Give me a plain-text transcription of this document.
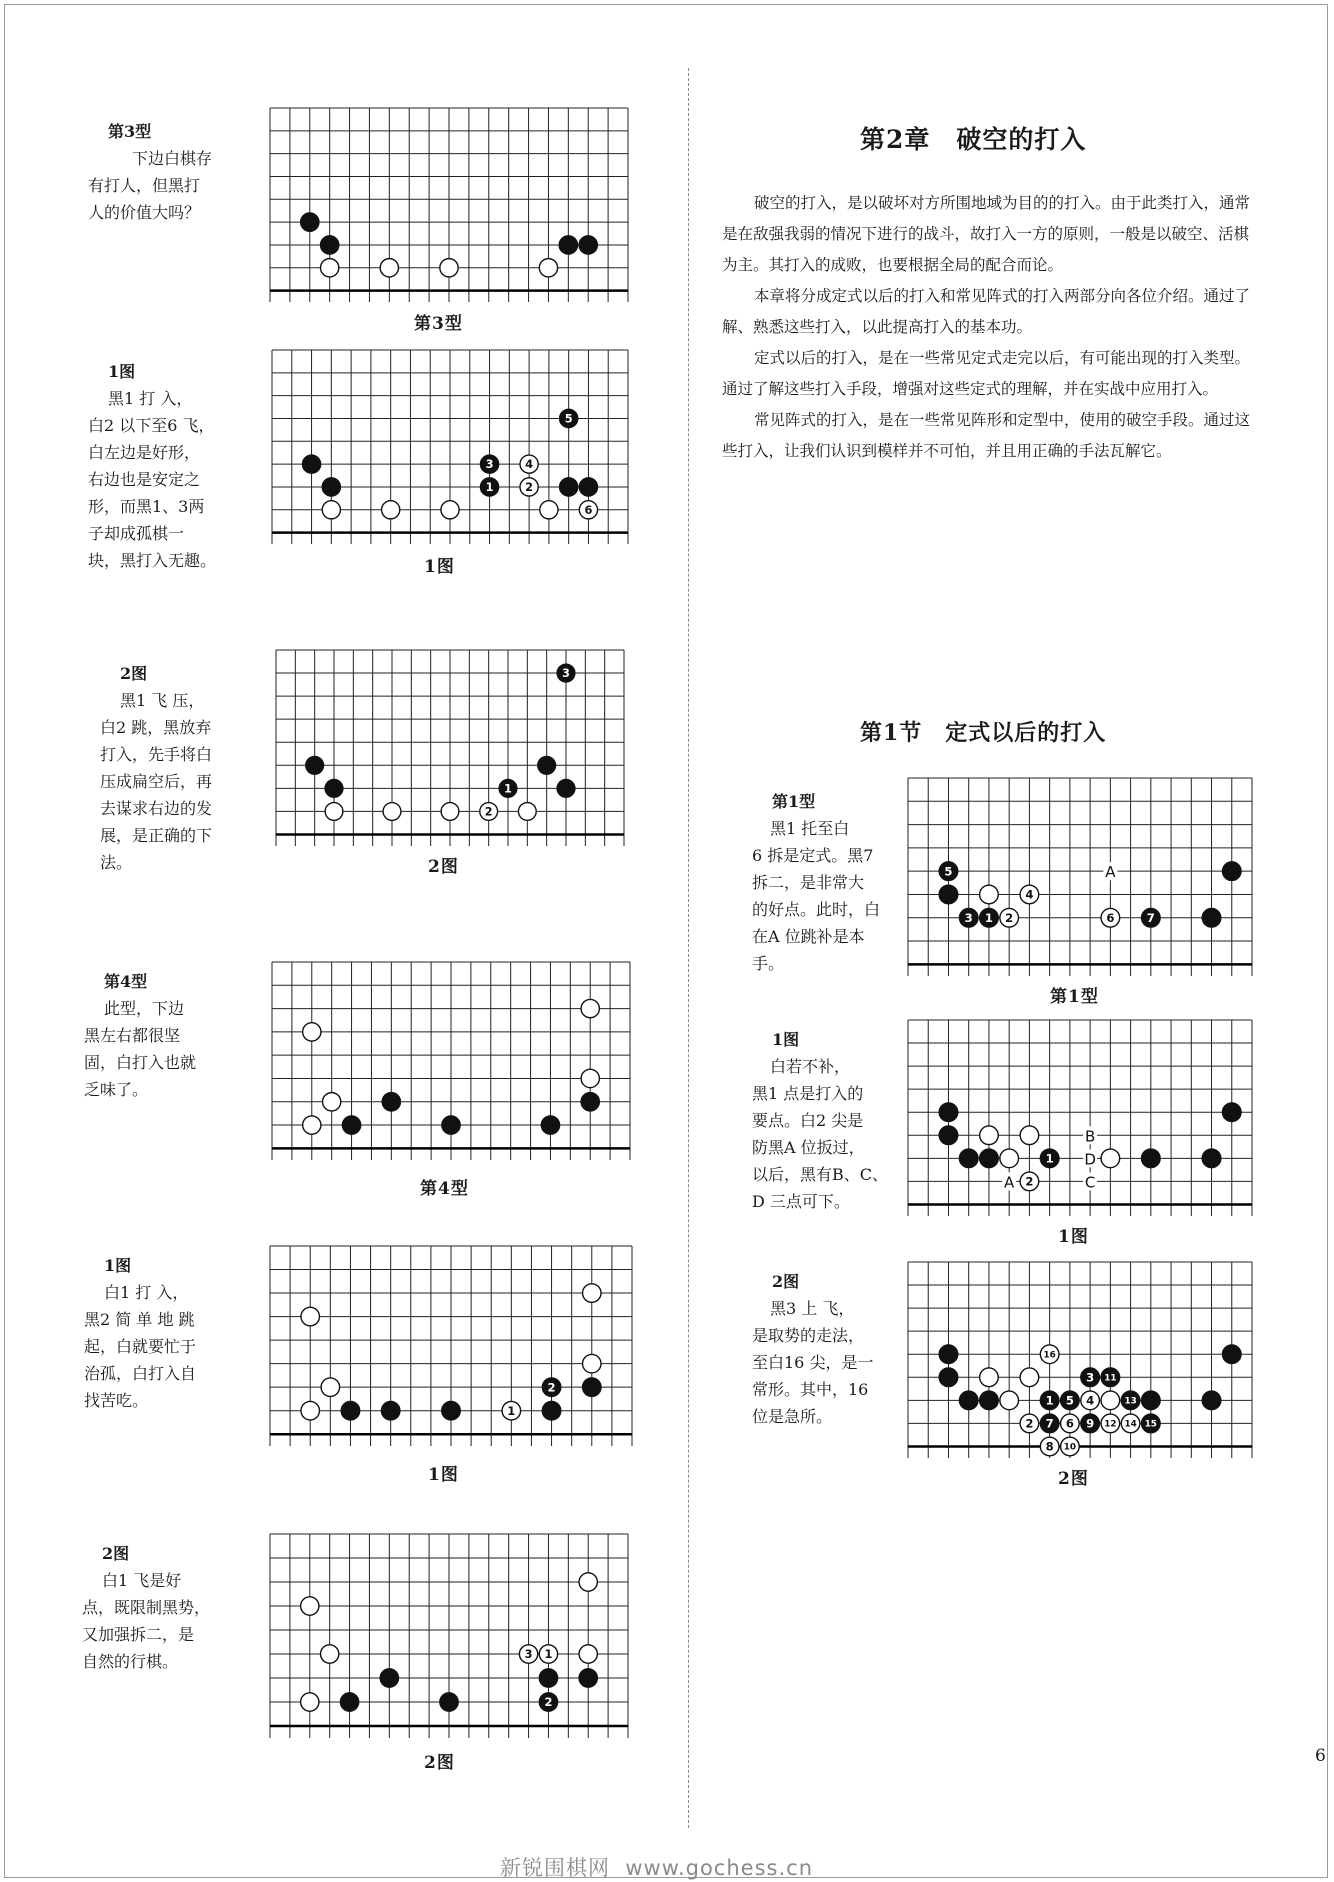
第3型
下边白棋存
有打人，但黑打
人的价值大吗？
第3型
1图
黑1 打 入，
白2 以下至6 飞，
白左边是好形，
右边也是安定之
形，而黑1、3两
子却成孤棋一
块，黑打入无趣。
1
3
2
4
5
6
1图
2图
黑1 飞 压，
白2 跳，黑放弃
打入，先手将白
压成扁空后，再
去谋求右边的发
展，是正确的下
法。
1
2
3
2图
第4型
此型，下边
黑左右都很坚
固，白打入也就
乏味了。
第4型
1图
白1 打 入，
黑2 简 单 地 跳
起，白就要忙于
治孤，白打入自
找苦吃。
1
2
1图
2图
白1 飞是好
点，既限制黑势，
又加强拆二，是
自然的行棋。	1
3
2
2图
第2章　破空的打入

破空的打入，是以破坏对方所围地域为目的的打入。由于此类打入，通常是在敌强我弱的情况下进行的战斗，故打入一方的原则，一般是以破空、活棋为主。其打入的成败，也要根据全局的配合而论。

本章将分成定式以后的打入和常见阵式的打入两部分向各位介绍。通过了解、熟悉这些打入，以此提高打入的基本功。

定式以后的打入，是在一些常见定式走完以后，有可能出现的打入类型。通过了解这些打入手段，增强对这些定式的理解，并在实战中应用打入。

常见阵式的打入，是在一些常见阵形和定型中，使用的破空手段。通过这些打入，让我们认识到模样并不可怕，并且用正确的手法瓦解它。

第1节　定式以后的打入
第1型
黑1 托至白
6 拆是定式。黑7
拆二，是非常大
的好点。此时，白
在A 位跳补是本
手。
A
4
3 1 2
5
6	7
第1型
1图
白若不补，
黑1 点是打入的
要点。白2 尖是
防黑A 位扳过，
以后，黑有B、C、
D 三点可下。
B
D
C
A
1
2
1图
2图
黑3 上 飞，
是取势的走法，
至白16 尖，是一
常形。其中，16
位是急所。
16
3 11
1 5 4	13
2 7 6 9 12 14 15
8 10
2图
6
新锐围棋网 www.gochess.cn
